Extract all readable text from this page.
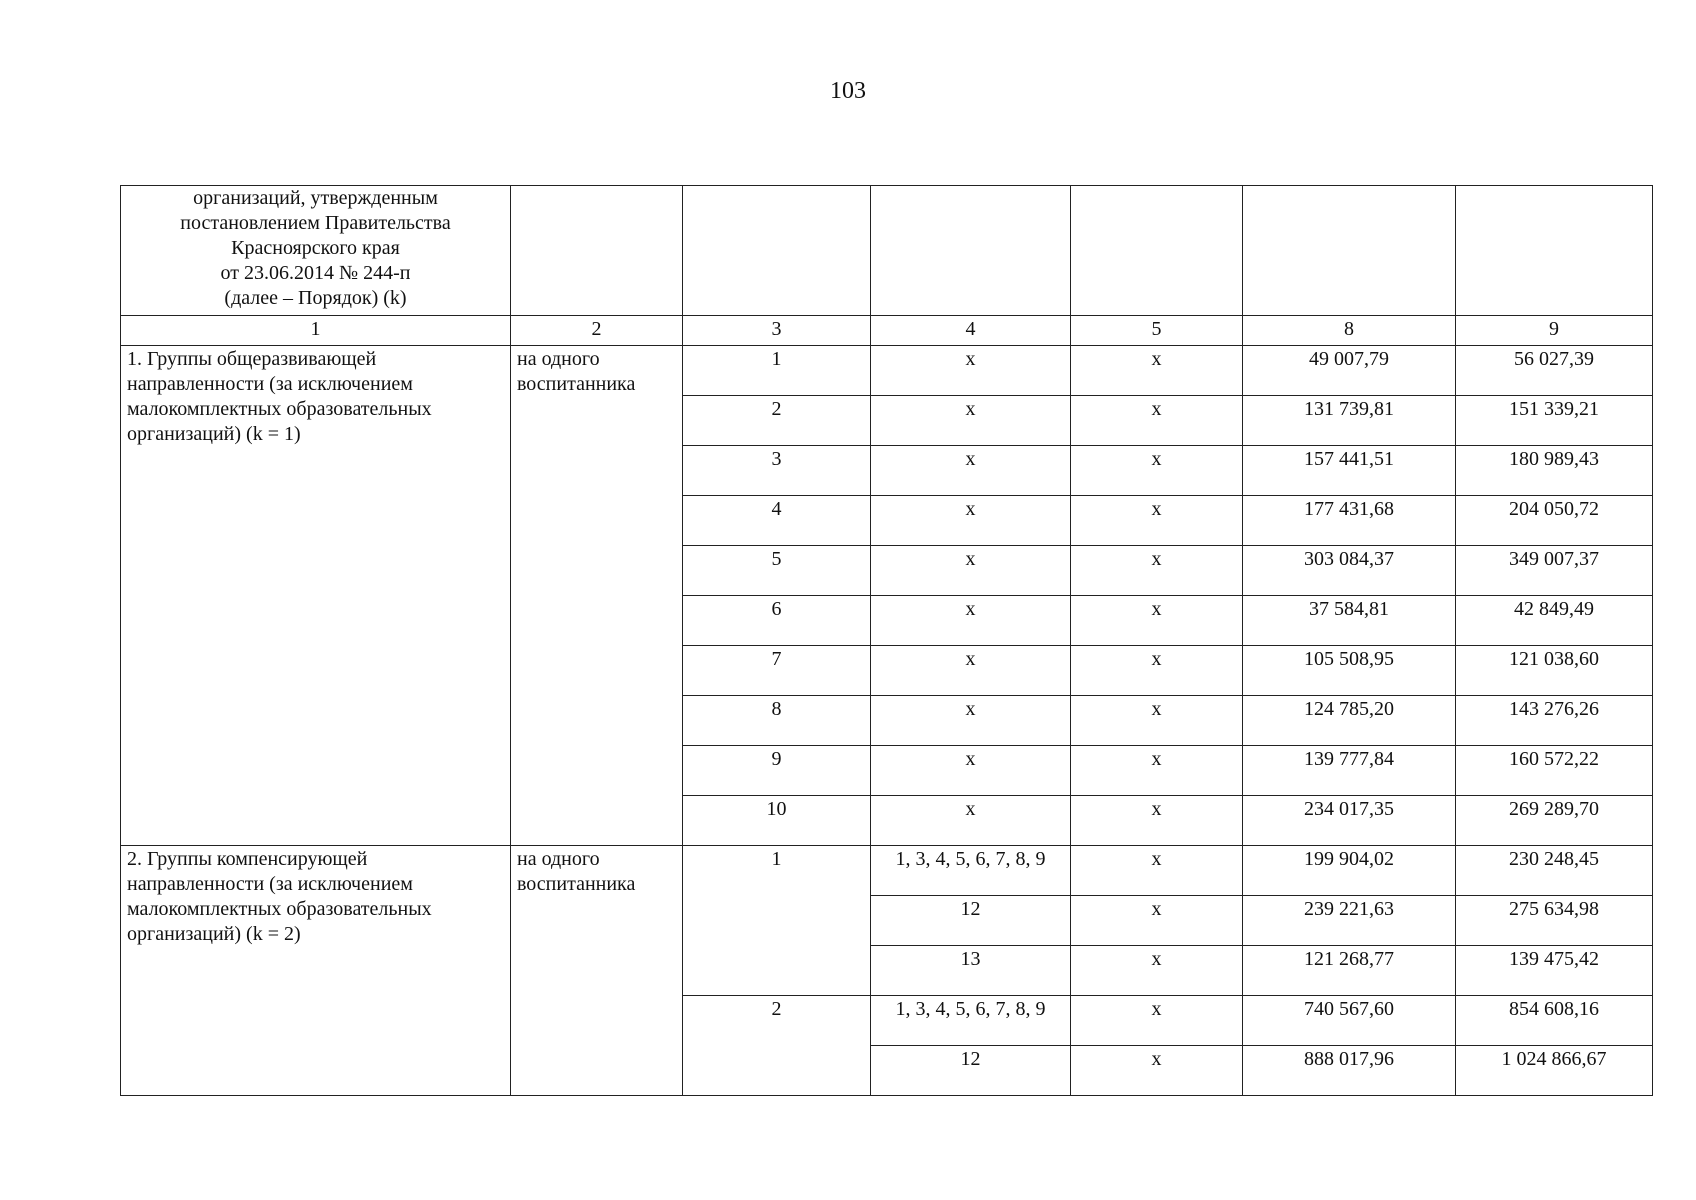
103
организаций, утвержденным
постановлением Правительства
Красноярского края
от 23.06.2014 № 244-п
(далее – Порядок) (k)						

1	2	3	4	5	8	9
1. Группы общеразвивающей направленности (за исключением малокомплектных образовательных организаций) (k = 1)	на одного воспитанника	1	х	х	49 007,79	56 027,39
		2	х	х	131 739,81	151 339,21
		3	х	х	157 441,51	180 989,43
		4	х	х	177 431,68	204 050,72
		5	х	х	303 084,37	349 007,37
		6	х	х	37 584,81	42 849,49
		7	х	х	105 508,95	121 038,60
		8	х	х	124 785,20	143 276,26
		9	х	х	139 777,84	160 572,22
		10	х	х	234 017,35	269 289,70
2. Группы компенсирующей направленности (за исключением малокомплектных образовательных организаций) (k = 2)	на одного воспитанника	1	1, 3, 4, 5, 6, 7, 8, 9	х	199 904,02	230 248,45
			12	х	239 221,63	275 634,98
			13	х	121 268,77	139 475,42
		2	1, 3, 4, 5, 6, 7, 8, 9	х	740 567,60	854 608,16
			12	х	888 017,96	1 024 866,67
